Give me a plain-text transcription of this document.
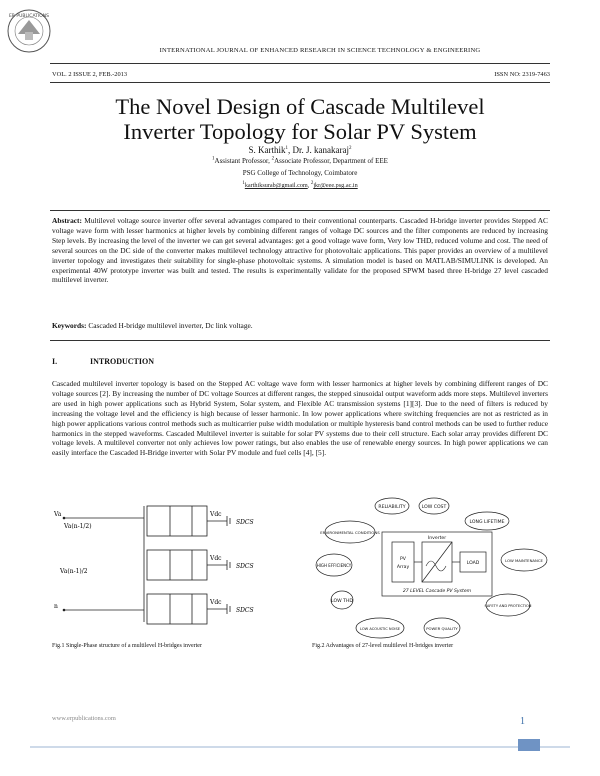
ER PUBLICATIONS
INTERNATIONAL JOURNAL OF ENHANCED RESEARCH IN SCIENCE TECHNOLOGY & ENGINEERING
VOL. 2 ISSUE 2, FEB.-2013	ISSN NO: 2319-7463
The Novel Design of Cascade Multilevel
Inverter Topology for Solar PV System
S. Karthik$^1$, Dr. J. kanakaraj$^2$
$^1$Assistant Professor, $^2$Associate Professor, Department of EEE
PSG College of Technology, Coimbatore
$^1$karthiksurab@gmail.com, $^2$jkr@eee.psg.ac.in
Abstract: Multilevel voltage source inverter offer several advantages compared to their conventional counterparts. Cascaded H-bridge inverter provides Stepped AC voltage wave form with lesser harmonics at higher levels by combining different ranges of voltage DC sources and the filter components are reduced by increasing Step levels. By increasing the level of the inverter we can get several advantages: get a good voltage wave form, Very low THD, reduced volume and cost. The need of several sources on the DC side of the converter makes multilevel technology attractive for photovoltaic applications. This paper provides an overview of a multilevel inverter topology and investigates their suitability for single-phase photovoltaic systems. A simulation model is based on MATLAB/SIMULINK is developed. An experimental 40W prototype inverter was built and tested. The results is experimentally validate for the proposed SPWM based three H-bridge 27 level cascaded multilevel inverter.
Keywords: Cascaded H-bridge multilevel inverter, Dc link voltage.
I.	INTRODUCTION
Cascaded multilevel inverter topology is based on the Stepped AC voltage wave form with lesser harmonics at higher levels by combining different ranges of DC voltage sources [2]. By increasing the number of DC voltage Sources at different ranges, the stepped sinusoidal output waveform adds more steps. Multilevel inverters are used in high power applications such as Hybrid System, Solar system, and Flexible AC transmission systems [1][3]. Due to the need of filters is reduced by increasing the voltage level and the efficiency is high because of lesser harmonic. In low power applications where switching frequencies are not as restricted as in high power applications various control methods such as multicarrier pulse width modulation or multiple hysteresis band control methods can be used to further reduce harmonics in the stepped waveforms. Cascaded Multilevel inverter is suitable for solar PV systems due to their cell structure. Each solar array provides different DC voltage levels. A multilevel converter not only achieves low power ratings, but also enables the use of renewable energy sources. In high power applications we can easily interface the Cascaded H-Bridge inverter with Solar PV module and fuel cells [4], [5].
Va
Va(n-1/2)
Va(n-1)/2
n
Vdc
SDCS
Vdc
SDCS
Vdc
SDCS
Fig.1 Single-Phase structure of a multilevel H-bridges inverter
RELIABILITY	LOW COST
ENVIRONMENTAL CONDITIONS
LONG LIFETIME
HIGH EFFICIENCY
LOW MAINTENANCE
LOW THD
SAFETY AND PROTECTION
LOW ACOUSTIC NOISE	POWER QUALITY
27 LEVEL Cascade PV System
PV
Array
Inverter
LOAD
Fig.2 Advantages of 27-level multilevel H-bridges inverter
www.erpublications.com	1
